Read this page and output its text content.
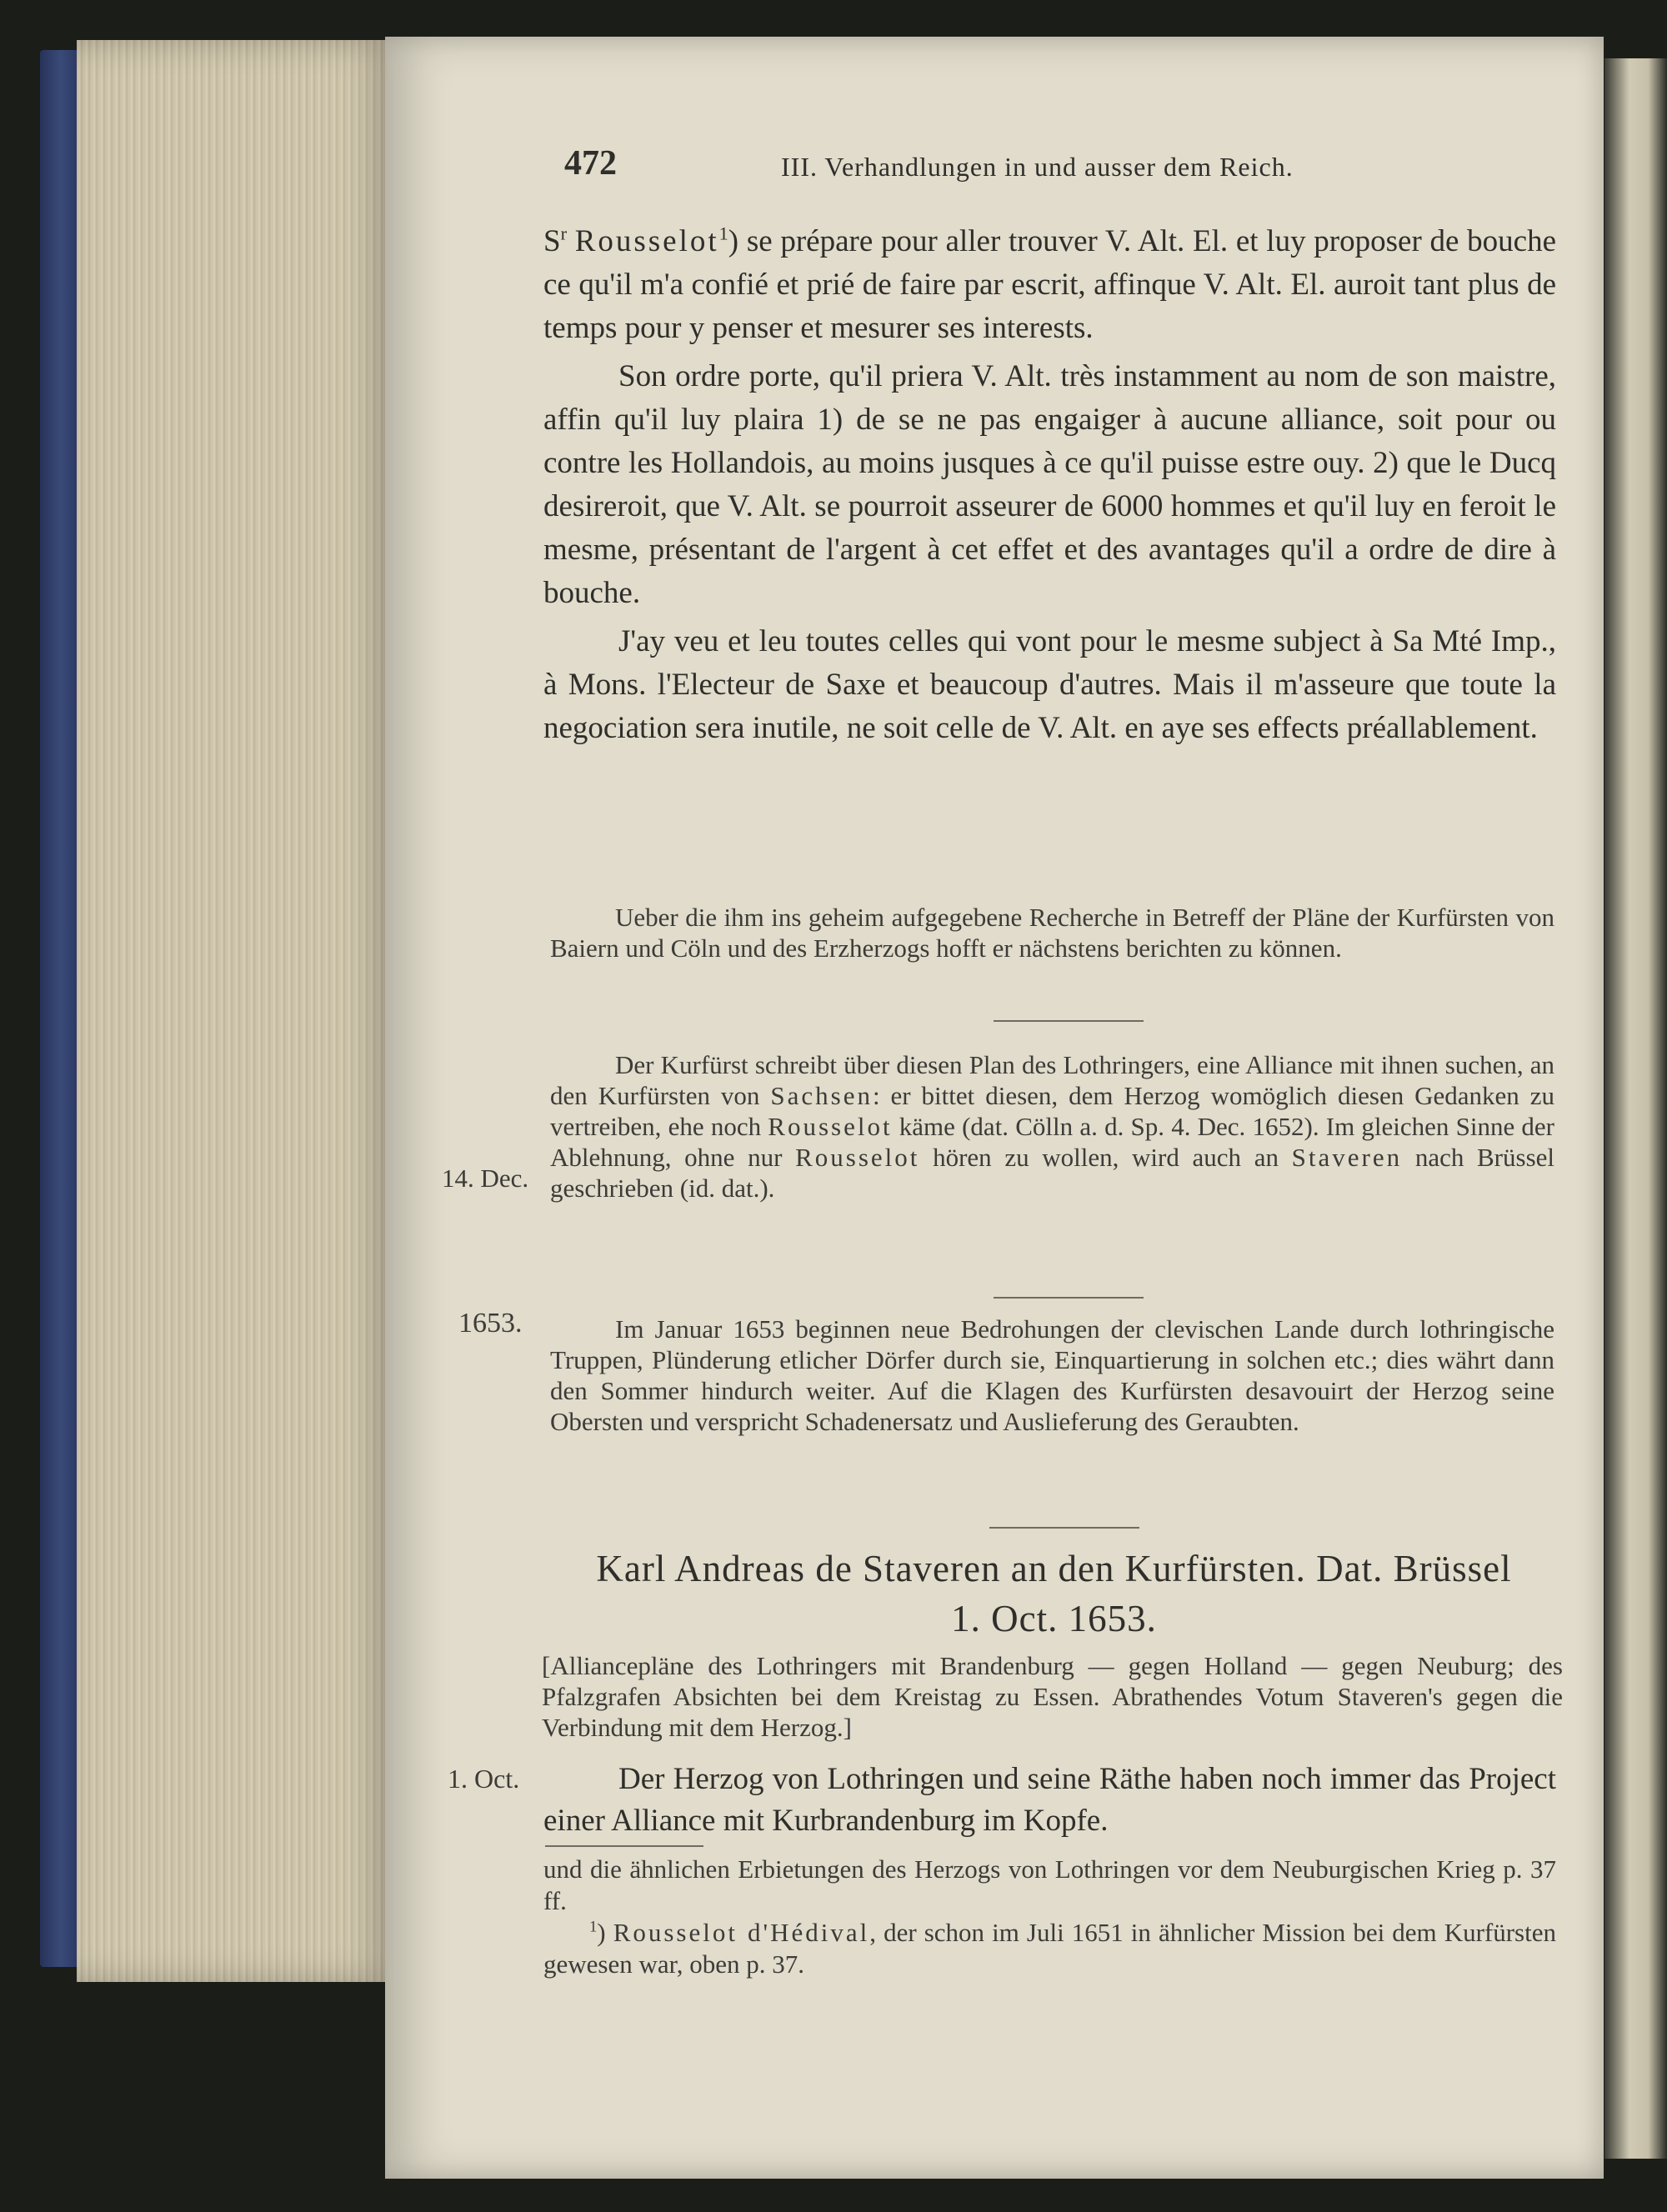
472	III. Verhandlungen in und ausser dem Reich.

$S^r$ Rousselot$^1$) se prépare pour aller trouver V. Alt. El. et luy proposer de bouche ce qu'il m'a confié et prié de faire par escrit, affinque V. Alt. El. auroit tant plus de temps pour y penser et mesurer ses interests.

Son ordre porte, qu'il priera V. Alt. très instamment au nom de son maistre, affin qu'il luy plaira 1) de se ne pas engaiger à aucune alliance, soit pour ou contre les Hollandois, au moins jusques à ce qu'il puisse estre ouy. 2) que le Ducq desireroit, que V. Alt. se pourroit asseurer de 6000 hommes et qu'il luy en feroit le mesme, présentant de l'argent à cet effet et des avantages qu'il a ordre de dire à bouche.

J'ay veu et leu toutes celles qui vont pour le mesme subject à Sa Mté Imp., à Mons. l'Electeur de Saxe et beaucoup d'autres. Mais il m'asseure que toute la negociation sera inutile, ne soit celle de V. Alt. en aye ses effects préallablement.

Ueber die ihm ins geheim aufgegebene Recherche in Betreff der Pläne der Kurfürsten von Baiern und Cöln und des Erzherzogs hofft er nächstens berichten zu können.

14. Dec.

Der Kurfürst schreibt über diesen Plan des Lothringers, eine Alliance mit ihnen suchen, an den Kurfürsten von Sachsen: er bittet diesen, dem Herzog womöglich diesen Gedanken zu vertreiben, ehe noch Rousselot käme (dat. Cölln a. d. Sp. 4. Dec. 1652). Im gleichen Sinne der Ablehnung, ohne nur Rousselot hören zu wollen, wird auch an Staveren nach Brüssel geschrieben (id. dat.).

1653.	Im Januar 1653 beginnen neue Bedrohungen der clevischen Lande durch lothringische Truppen, Plünderung etlicher Dörfer durch sie, Einquartierung in solchen etc.; dies währt dann den Sommer hindurch weiter. Auf die Klagen des Kurfürsten desavouirt der Herzog seine Obersten und verspricht Schadenersatz und Auslieferung des Geraubten.

Karl Andreas de Staveren an den Kurfürsten. Dat. Brüssel
1. Oct. 1653.

[Allianceplänе des Lothringers mit Brandenburg — gegen Holland — gegen Neuburg; des Pfalzgrafen Absichten bei dem Kreistag zu Essen. Abrathendes Votum Staveren's gegen die Verbindung mit dem Herzog.]

1. Oct.	Der Herzog von Lothringen und seine Räthe haben noch immer das Project einer Alliance mit Kurbrandenburg im Kopfe.

und die ähnlichen Erbietungen des Herzogs von Lothringen vor dem Neuburgischen Krieg p. 37 ff.

$^1$) Rousselot d'Hédival, der schon im Juli 1651 in ähnlicher Mission bei dem Kurfürsten gewesen war, oben p. 37.
